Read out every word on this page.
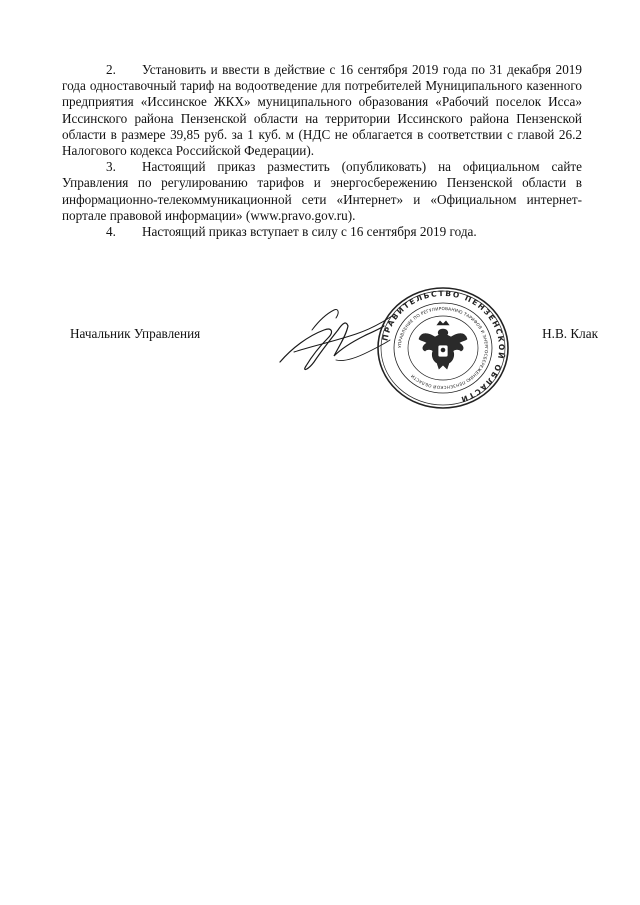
2. Установить и ввести в действие с 16 сентября 2019 года по 31 декабря 2019 года одноставочный тариф на водоотведение для потребителей Муниципального казенного предприятия «Иссинское ЖКХ» муниципального образования «Рабочий поселок Исса» Иссинского района Пензенской области на территории Иссинского района Пензенской области в размере 39,85 руб. за 1 куб. м (НДС не облагается в соответствии с главой 26.2 Налогового кодекса Российской Федерации).

3. Настоящий приказ разместить (опубликовать) на официальном сайте Управления по регулированию тарифов и энергосбережению Пензенской области в информационно-телекоммуникационной сети «Интернет» и «Официальном интернет-портале правовой информации» (www.pravo.gov.ru).

4. Настоящий приказ вступает в силу с 16 сентября 2019 года.

Начальник Управления	Н.В. Клак
ПРАВИТЕЛЬСТВО ПЕНЗЕНСКОЙ ОБЛАСТИ
УПРАВЛЕНИЕ ПО РЕГУЛИРОВАНИЮ ТАРИФОВ И ЭНЕРГОСБЕРЕЖЕНИЮ ПЕНЗЕНСКОЙ ОБЛАСТИ
